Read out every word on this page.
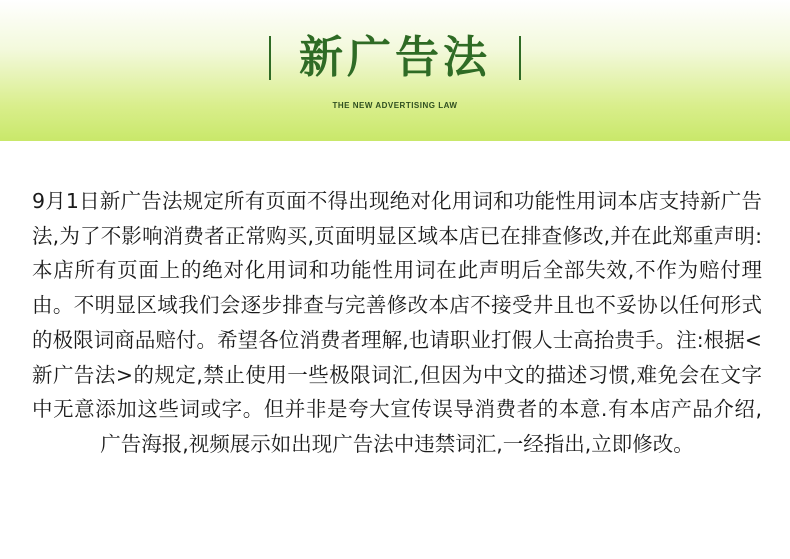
新广告法
THE NEW ADVERTISING LAW
9月1日新广告法规定所有页面不得出现绝对化用词和功能性用词本店支持新广告法,为了不影响消费者正常购买,页面明显区域本店已在排查修改,并在此郑重声明:本店所有页面上的绝对化用词和功能性用词在此声明后全部失效,不作为赔付理由。不明显区域我们会逐步排查与完善修改本店不接受井且也不妥协以任何形式的极限词商品赔付。希望各位消费者理解,也请职业打假人士高抬贵手。注:根据<新广告法>的规定,禁止使用一些极限词汇,但因为中文的描述习惯,难免会在文字中无意添加这些词或字。但并非是夸大宣传误导消费者的本意.有本店产品介绍,广告海报,视频展示如出现广告法中违禁词汇,一经指出,立即修改。
